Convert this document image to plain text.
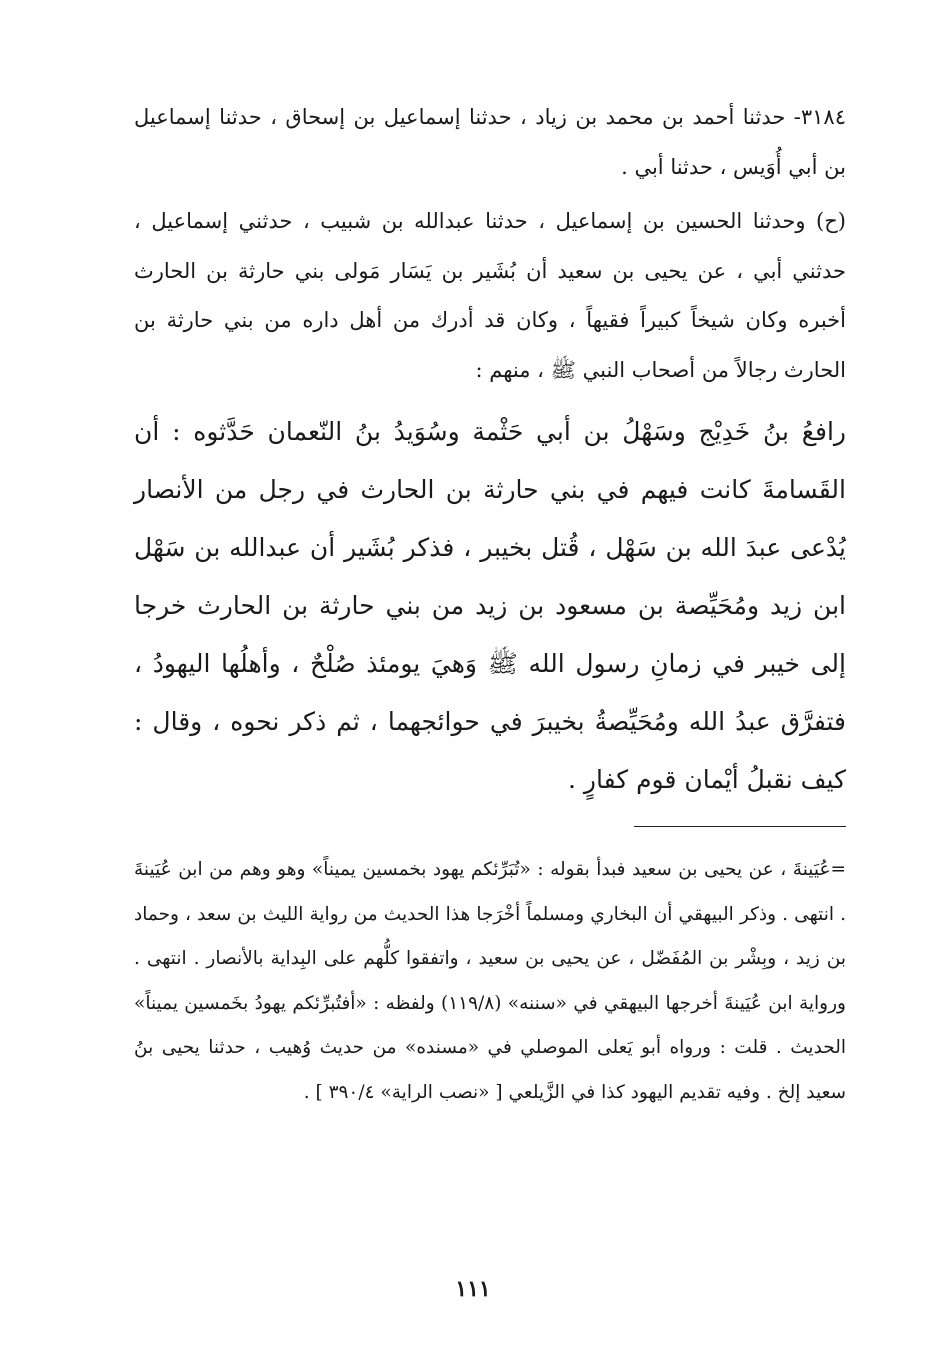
٣١٨٤- حدثنا أحمد بن محمد بن زياد ، حدثنا إسماعيل بن إسحاق ، حدثنا إسماعيل بن أبي أُوَيس ، حدثنا أبي .

(ح) وحدثنا الحسين بن إسماعيل ، حدثنا عبدالله بن شبيب ، حدثني إسماعيل ، حدثني أبي ، عن يحيى بن سعيد أن بُشَير بن يَسَار مَولى بني حارثة بن الحارث أخبره وكان شيخاً كبيراً فقيهاً ، وكان قد أدرك من أهل داره من بني حارثة بن الحارث رجالاً من أصحاب النبي ﷺ ، منهم :

رافعُ بنُ خَدِيْج وسَهْلُ بن أبي حَثْمة وسُوَيدُ بنُ النّعمان حَدَّثوه : أن القَسامةَ كانت فيهم في بني حارثة بن الحارث في رجل من الأنصار يُدْعى عبدَ الله بن سَهْل ، قُتل بخيبر ، فذكر بُشَير أن عبدالله بن سَهْل ابن زيد ومُحَيِّصة بن مسعود بن زيد من بني حارثة بن الحارث خرجا إلى خيبر في زمانِ رسول الله ﷺ وَهيَ يومئذ صُلْحٌ ، وأهلُها اليهودُ ، فتفرَّق عبدُ الله ومُحَيِّصةُ بخيبرَ في حوائجهما ، ثم ذكر نحوه ، وقال : كيف نقبلُ أيْمان قوم كفارٍ .

=عُيَينةَ ، عن يحيى بن سعيد فبدأ بقوله : «تُبَرِّئكم يهود بخمسين يميناً» وهو وهم من ابن عُيَينةَ . انتهى . وذكر البيهقي أن البخاري ومسلماً أخْرَجا هذا الحديث من رواية الليث بن سعد ، وحماد بن زيد ، وبِشْر بن المُفَضّل ، عن يحيى بن سعيد ، واتفقوا كلُّهم على البِداية بالأنصار . انتهى . ورواية ابن عُيَينةَ أخرجها البيهقي في «سننه» (١١٩/٨) ولفظه : «أفتُبرِّئكم يهودُ بخَمسين يميناً» الحديث . قلت : ورواه أبو يَعلى الموصلي في «مسنده» من حديث وُهيب ، حدثنا يحيى بنُ سعيد إلخ . وفيه تقديم اليهود كذا في الزَّيلعي [ «نصب الراية» ٣٩٠/٤ ] .

١١١
